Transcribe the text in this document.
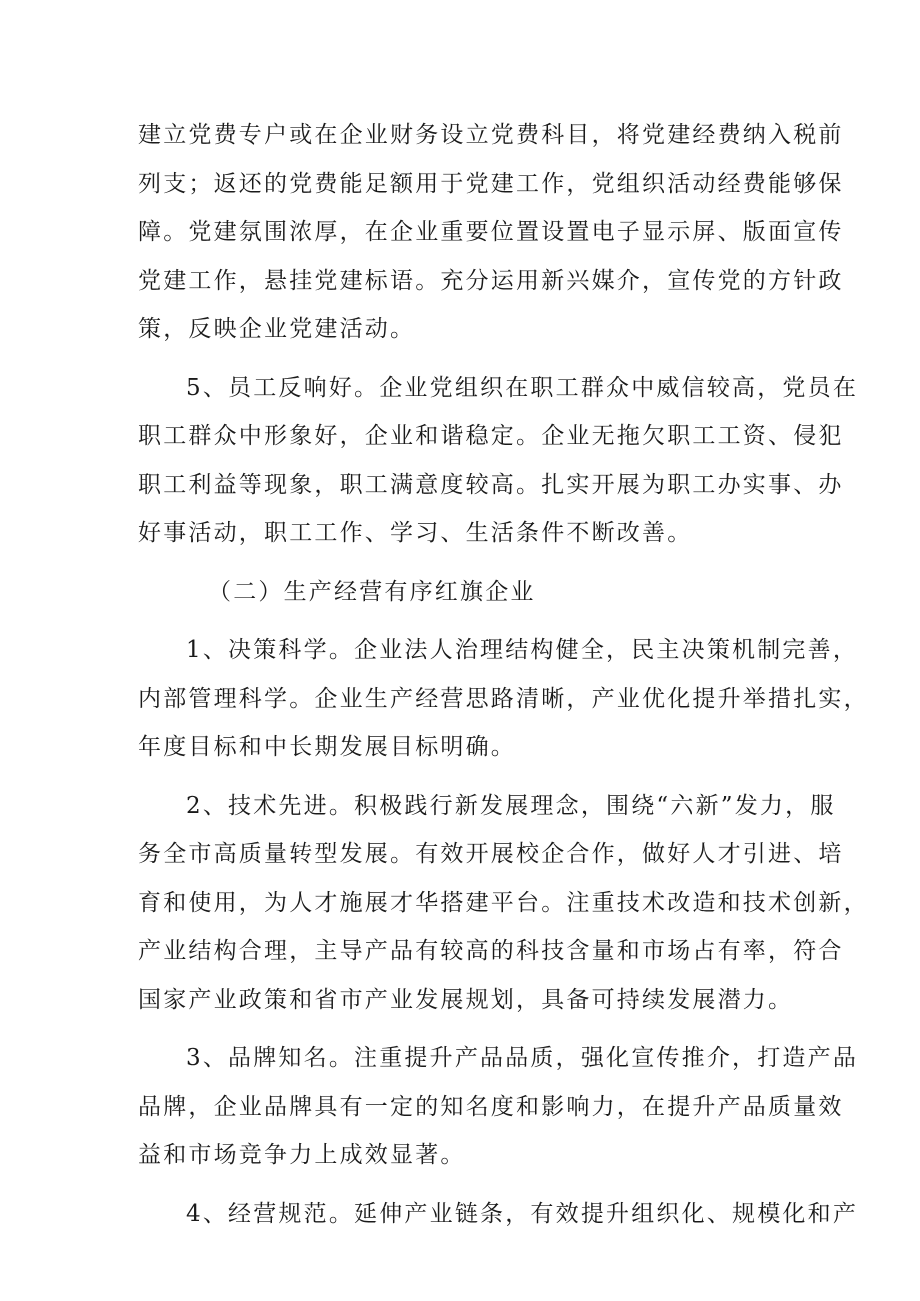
建立党费专户或在企业财务设立党费科目，将党建经费纳入税前
列支；返还的党费能足额用于党建工作，党组织活动经费能够保
障。党建氛围浓厚，在企业重要位置设置电子显示屏、版面宣传
党建工作，悬挂党建标语。充分运用新兴媒介，宣传党的方针政
策，反映企业党建活动。
5、员工反响好。企业党组织在职工群众中威信较高，党员在
职工群众中形象好，企业和谐稳定。企业无拖欠职工工资、侵犯
职工利益等现象，职工满意度较高。扎实开展为职工办实事、办
好事活动，职工工作、学习、生活条件不断改善。
（二）生产经营有序红旗企业
1、决策科学。企业法人治理结构健全，民主决策机制完善，
内部管理科学。企业生产经营思路清晰，产业优化提升举措扎实，
年度目标和中长期发展目标明确。
2、技术先进。积极践行新发展理念，围绕“六新”发力，服
务全市高质量转型发展。有效开展校企合作，做好人才引进、培
育和使用，为人才施展才华搭建平台。注重技术改造和技术创新，
产业结构合理，主导产品有较高的科技含量和市场占有率，符合
国家产业政策和省市产业发展规划，具备可持续发展潜力。
3、品牌知名。注重提升产品品质，强化宣传推介，打造产品
品牌，企业品牌具有一定的知名度和影响力，在提升产品质量效
益和市场竞争力上成效显著。
4、经营规范。延伸产业链条，有效提升组织化、规模化和产
